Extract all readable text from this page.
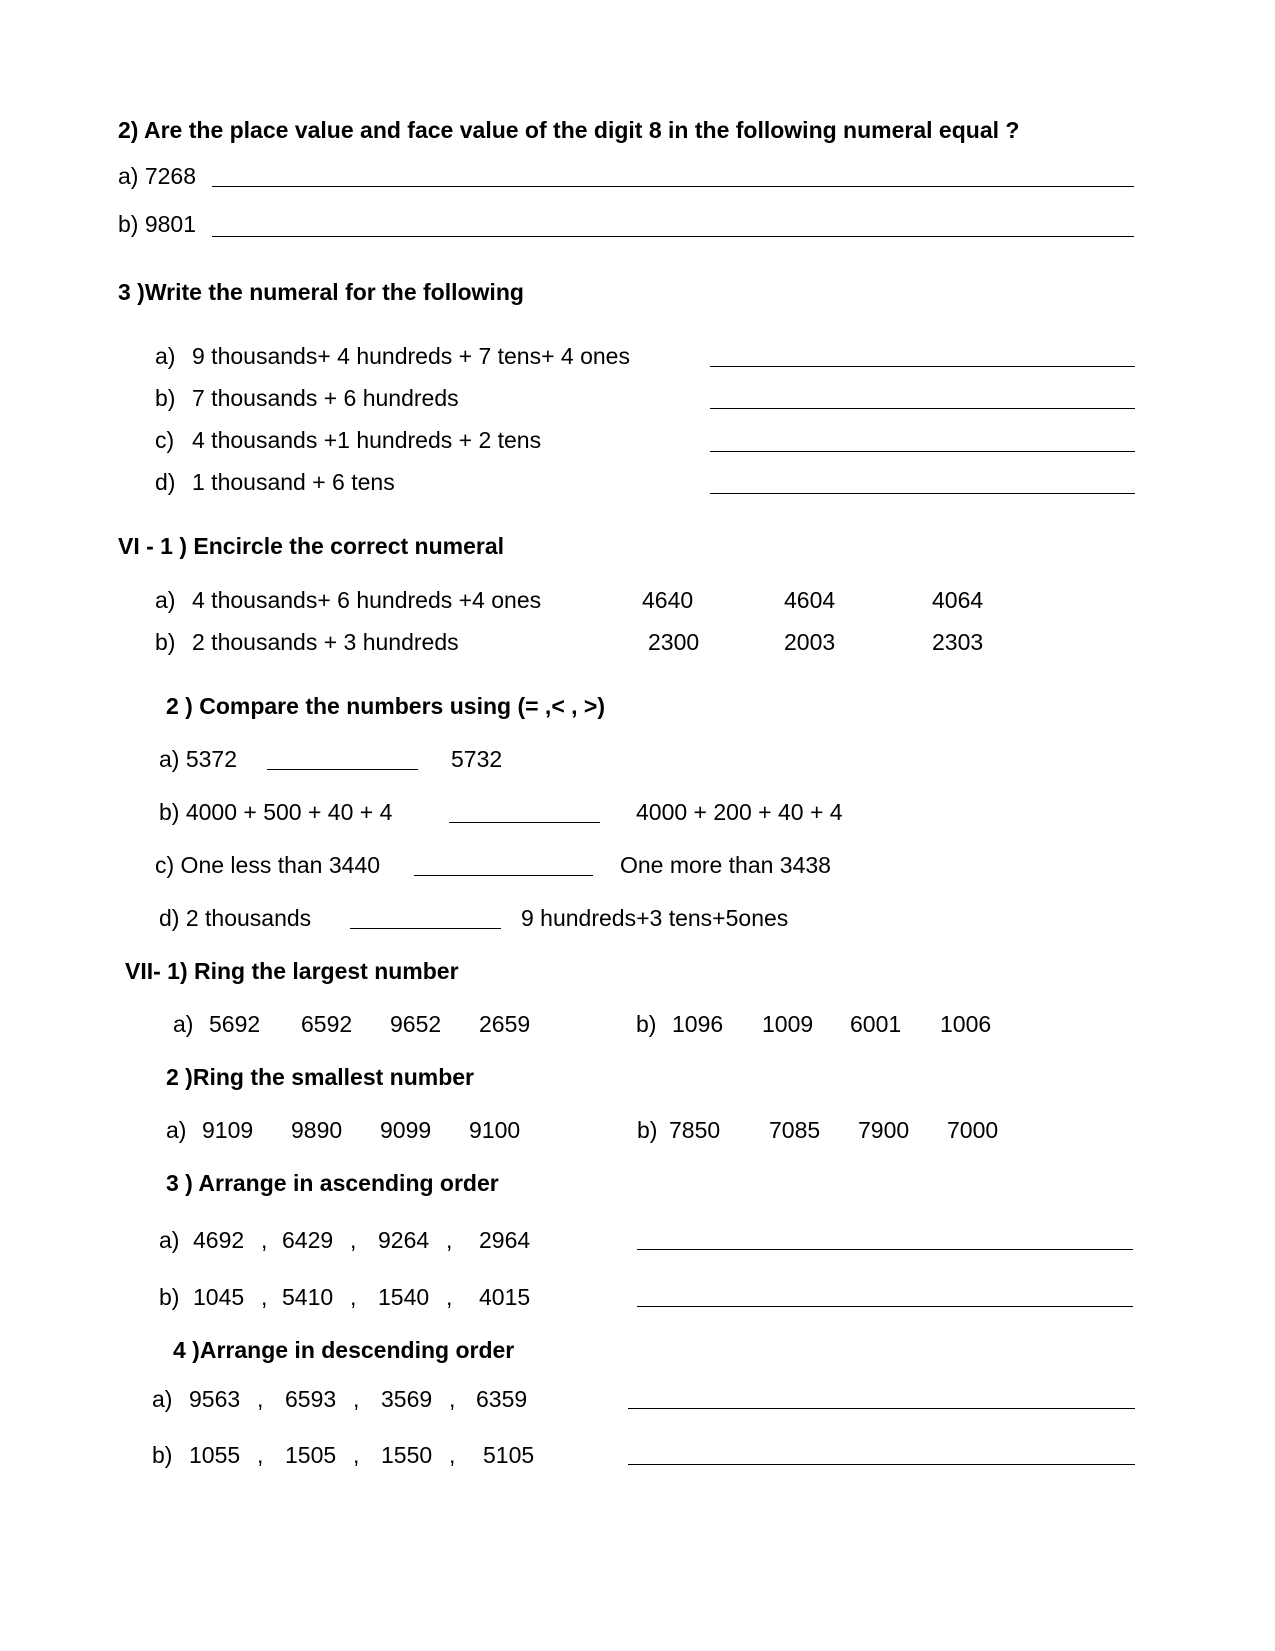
2) Are the place value and face value of the digit 8 in the following numeral equal ?
a) 7268
b) 9801
3 )Write the numeral for the following
a) 9 thousands+ 4 hundreds + 7 tens+ 4 ones
b) 7 thousands + 6 hundreds
c) 4 thousands +1 hundreds + 2 tens
d) 1 thousand + 6 tens
VI - 1 ) Encircle the correct numeral
a) 4 thousands+ 6 hundreds +4 ones	4640	4604	4064
b) 2 thousands + 3 hundreds	2300	2003	2303
2 ) Compare the numbers using (= ,< , >)
a) 5372	5732
b) 4000 + 500 + 40 + 4	4000 + 200 + 40 + 4
c) One less than 3440	One more than 3438
d) 2 thousands	9 hundreds+3 tens+5ones
VII- 1) Ring the largest number
a) 5692 6592 9652 2659	b) 1096 1009 6001 1006
2 )Ring the smallest number
a) 9109 9890 9099 9100	b) 7850 7085 7900 7000
3 ) Arrange in ascending order
a) 4692 , 6429 , 9264 , 2964
b) 1045 , 5410 , 1540 , 4015
4 )Arrange in descending order
a) 9563 , 6593 , 3569 , 6359
b) 1055 , 1505 , 1550 , 5105
